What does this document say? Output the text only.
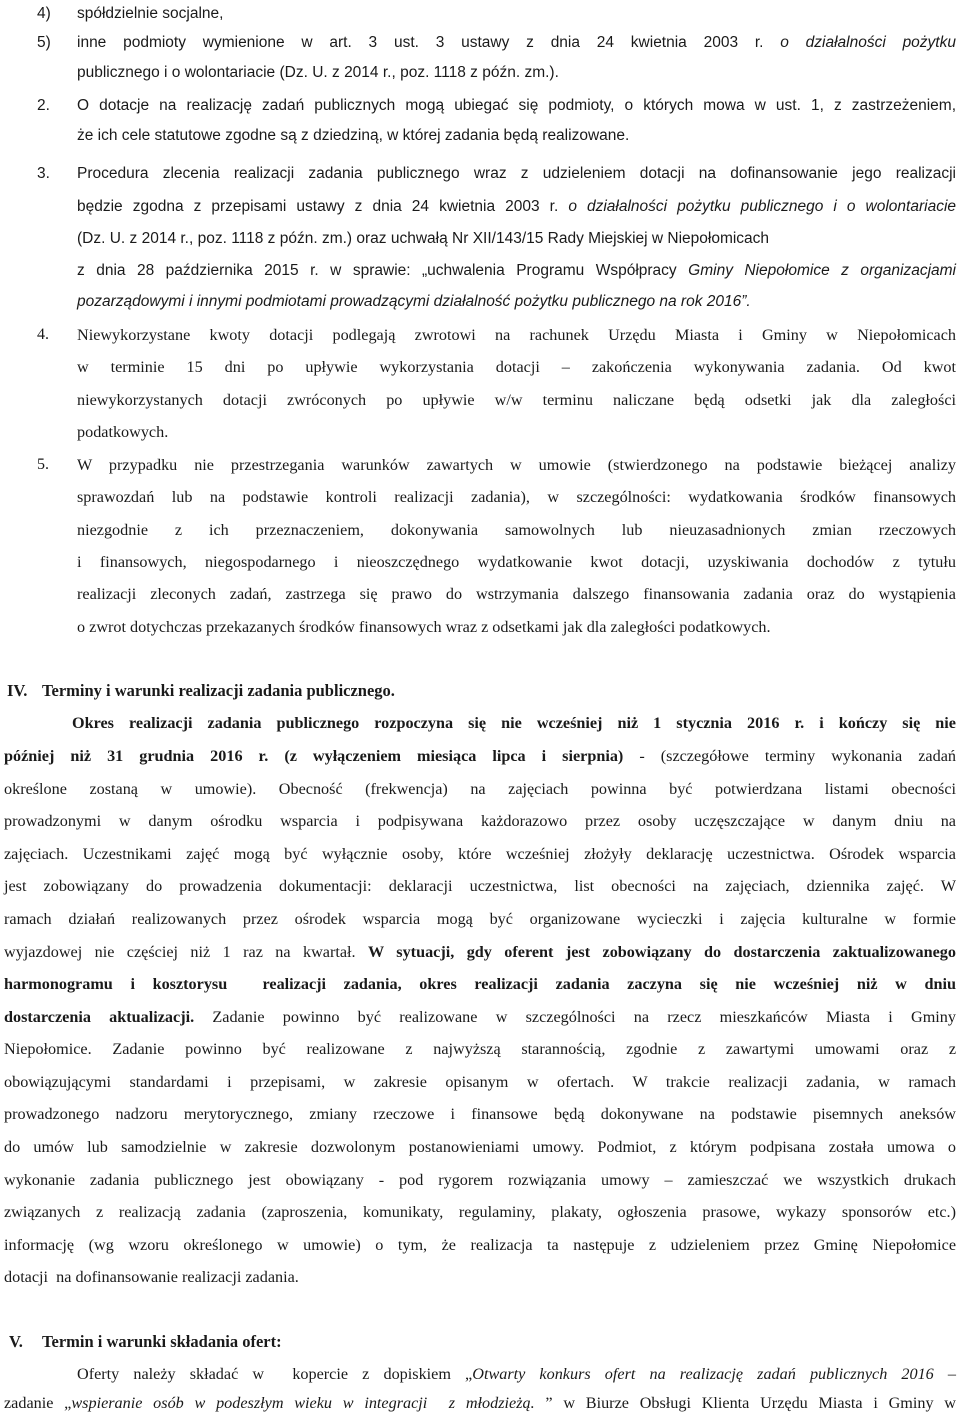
4)

spółdzielnie socjalne,

5)

inne podmioty wymienione w art. 3 ust. 3 ustawy z dnia 24 kwietnia 2003 r. o działalności pożytku

publicznego i o wolontariacie (Dz. U. z 2014 r., poz. 1118 z późn. zm.).

2.

O dotacje na realizację zadań publicznych mogą ubiegać się podmioty, o których mowa w ust. 1, z zastrzeżeniem,

że ich cele statutowe zgodne są z dziedziną, w której zadania będą realizowane.

3.

Procedura zlecenia realizacji zadania publicznego wraz z udzieleniem dotacji na dofinansowanie jego realizacji

będzie zgodna z przepisami ustawy z dnia 24 kwietnia 2003 r. o działalności pożytku publicznego i o wolontariacie

(Dz. U. z 2014 r., poz. 1118 z późn. zm.) oraz uchwałą Nr XII/143/15 Rady Miejskiej w Niepołomicach

z dnia 28 października 2015 r. w sprawie: „uchwalenia Programu Współpracy Gminy Niepołomice z organizacjami

pozarządowymi i innymi podmiotami prowadzącymi działalność pożytku publicznego na rok 2016”.

4.

Niewykorzystane kwoty dotacji podlegają zwrotowi na rachunek Urzędu Miasta i Gminy w Niepołomicach

w terminie 15 dni po upływie wykorzystania dotacji – zakończenia wykonywania zadania. Od kwot

niewykorzystanych dotacji zwróconych po upływie w/w terminu naliczane będą odsetki jak dla zaległości

podatkowych.

5.

W przypadku nie przestrzegania warunków zawartych w umowie (stwierdzonego na podstawie bieżącej analizy

sprawozdań lub na podstawie kontroli realizacji zadania), w szczególności: wydatkowania środków finansowych

niezgodnie z ich przeznaczeniem, dokonywania samowolnych lub nieuzasadnionych zmian rzeczowych

i finansowych, niegospodarnego i nieoszczędnego wydatkowanie kwot dotacji, uzyskiwania dochodów z tytułu

realizacji zleconych zadań, zastrzega się prawo do wstrzymania dalszego finansowania zadania oraz do wystąpienia

o zwrot dotychczas przekazanych środków finansowych wraz z odsetkami jak dla zaległości podatkowych.

IV.

Terminy i warunki realizacji zadania publicznego.

Okres realizacji zadania publicznego rozpoczyna się nie wcześniej niż 1 stycznia 2016 r. i kończy się nie

później niż 31 grudnia 2016 r. (z wyłączeniem miesiąca lipca i sierpnia) - (szczegółowe terminy wykonania zadań

określone zostaną w umowie). Obecność (frekwencja) na zajęciach powinna być potwierdzana listami obecności

prowadzonymi w danym ośrodku wsparcia i podpisywana każdorazowo przez osoby uczęszczające w danym dniu na

zajęciach. Uczestnikami zajęć mogą być wyłącznie osoby, które wcześniej złożyły deklarację uczestnictwa. Ośrodek wsparcia

jest zobowiązany do prowadzenia dokumentacji: deklaracji uczestnictwa, list obecności na zajęciach, dziennika zajęć. W

ramach działań realizowanych przez ośrodek wsparcia mogą być organizowane wycieczki i zajęcia kulturalne w formie

wyjazdowej nie częściej niż 1 raz na kwartał. W sytuacji, gdy oferent jest zobowiązany do dostarczenia zaktualizowanego

harmonogramu i kosztorysu  realizacji zadania, okres realizacji zadania zaczyna się nie wcześniej niż w dniu

dostarczenia aktualizacji. Zadanie powinno być realizowane w szczególności na rzecz mieszkańców Miasta i Gminy

Niepołomice. Zadanie powinno być realizowane z najwyższą starannością, zgodnie z zawartymi umowami oraz z

obowiązującymi standardami i przepisami, w zakresie opisanym w ofertach. W trakcie realizacji zadania, w ramach

prowadzonego nadzoru merytorycznego, zmiany rzeczowe i finansowe będą dokonywane na podstawie pisemnych aneksów

do umów lub samodzielnie w zakresie dozwolonym postanowieniami umowy. Podmiot, z którym podpisana została umowa o

wykonanie zadania publicznego jest obowiązany - pod rygorem rozwiązania umowy – zamieszczać we wszystkich drukach

związanych z realizacją zadania (zaproszenia, komunikaty, regulaminy, plakaty, ogłoszenia prasowe, wykazy sponsorów etc.)

informację (wg wzoru określonego w umowie) o tym, że realizacja ta następuje z udzieleniem przez Gminę Niepołomice

dotacji  na dofinansowanie realizacji zadania.

V.

Termin i warunki składania ofert:

Oferty należy składać w  kopercie z dopiskiem „Otwarty konkurs ofert na realizację zadań publicznych 2016 –

zadanie „wspieranie osób w podeszłym wieku w integracji  z młodzieżą. ” w Biurze Obsługi Klienta Urzędu Miasta i Gminy w
